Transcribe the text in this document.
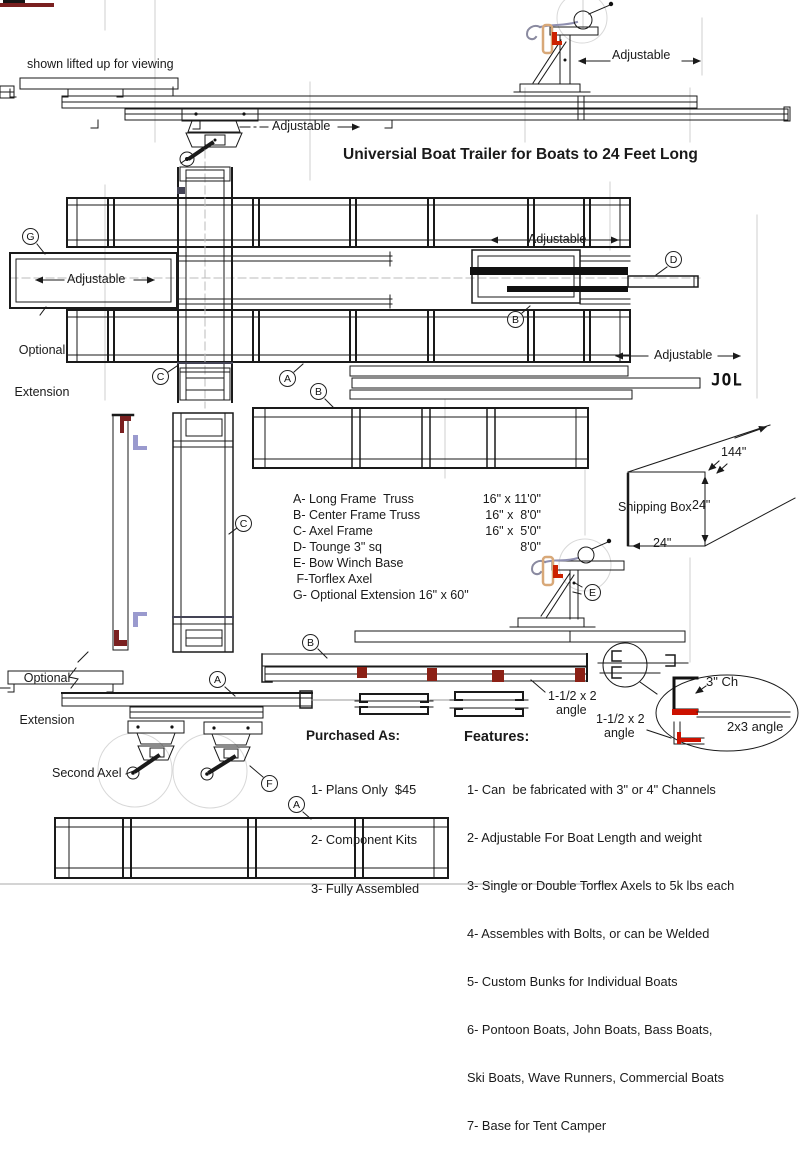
shown lifted up for viewing
Adjustable
Adjustable
Adjustable
Adjustable
Adjustable
Universial Boat Trailer for Boats to 24 Feet Long

Optional

Extension

Optional

Extension

A- Long Frame  Truss	16" x 11'0"
B- Center Frame Truss	16" x  8'0"
C- Axel Frame	16" x  5'0"
D- Tounge 3" sq	8'0"
E- Bow Winch Base
F-Torflex Axel
G- Optional Extension 16" x 60"
Shipping Box
144"
24"
24"
JOL
Second Axel
Purchased As:

1- Plans Only  $45

2- Component Kits

3- Fully Assembled

Features:

1- Can  be fabricated with 3" or 4" Channels

2- Adjustable For Boat Length and weight

3- Single or Double Torflex Axels to 5k lbs each

4- Assembles with Bolts, or can be Welded

5- Custom Bunks for Individual Boats

6- Pontoon Boats, John Boats, Bass Boats,

Ski Boats, Wave Runners, Commercial Boats

7- Base for Tent Camper

1-1/2 x 2
angle
1-1/2 x 2
angle
3" Ch
2x3 angle
G
D
B
C	A
B
C
E
B
A
F
A
